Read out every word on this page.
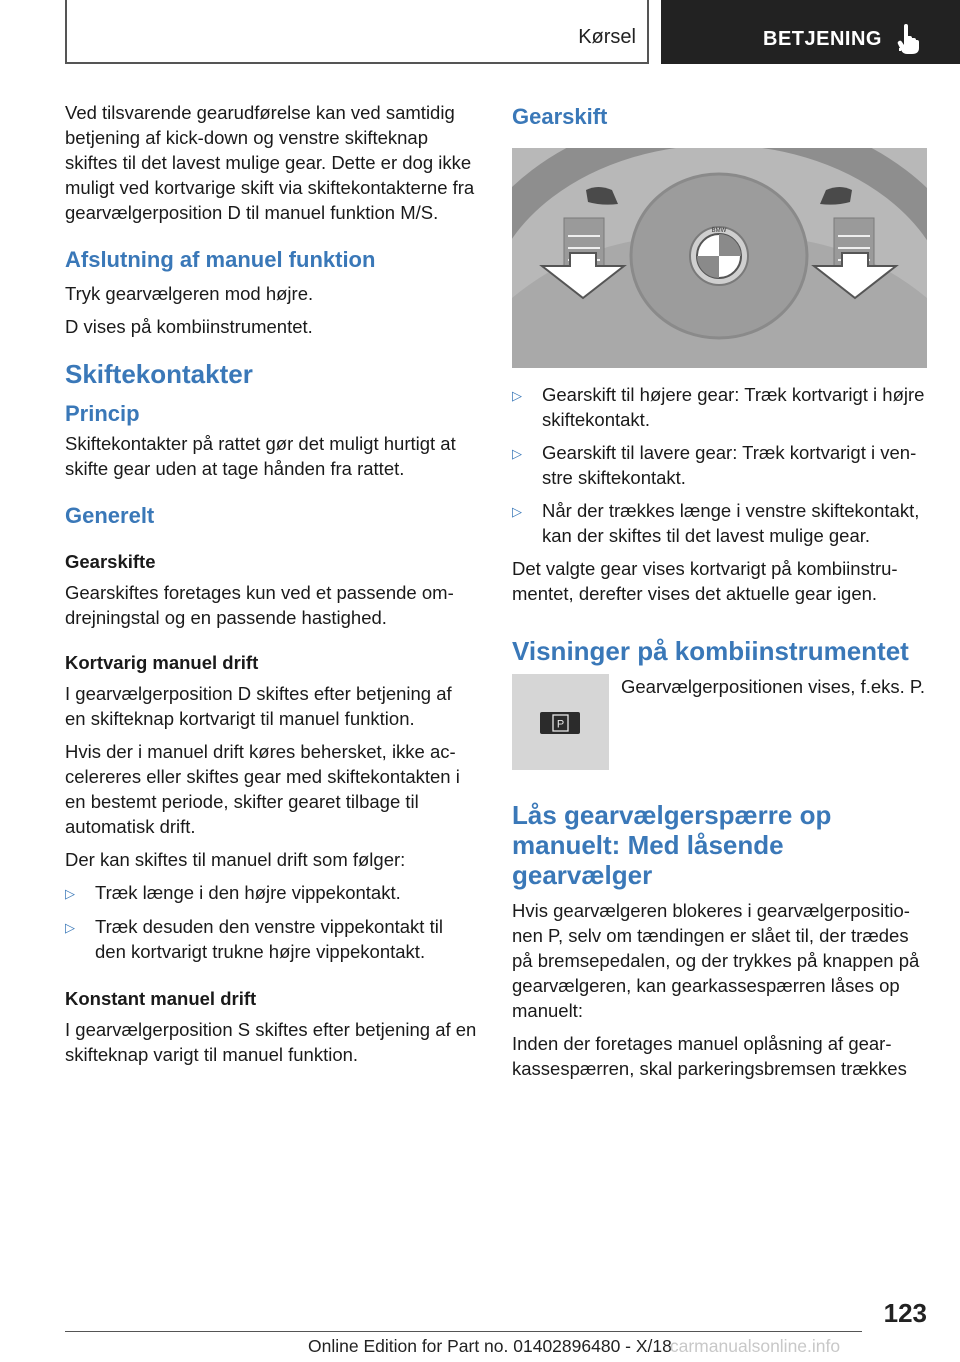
Kørsel	BETJENING

Ved tilsvarende gearudførelse kan ved samtidig betjening af kick-down og venstre skifteknap skiftes til det lavest mulige gear. Dette er dog ikke muligt ved kortvarige skift via skiftekontakterne fra gearvælgerposition D til manuel funktion M/S.

Afslutning af manuel funktion

Tryk gearvælgeren mod højre.

D vises på kombiinstrumentet.

Skiftekontakter
Princip

Skiftekontakter på rattet gør det muligt hurtigt at skifte gear uden at tage hånden fra rattet.

Generelt
Gearskifte

Gearskiftes foretages kun ved et passende omdrejningstal og en passende hastighed.

Kortvarig manuel drift

I gearvælgerposition D skiftes efter betjening af en skifteknap kortvarigt til manuel funktion.

Hvis der i manuel drift køres behersket, ikke accelereres eller skiftes gear med skiftekontakten i en bestemt periode, skifter gearet tilbage til automatisk drift.

Der kan skiftes til manuel drift som følger:

▷	Træk længe i den højre vippekontakt.
▷	Træk desuden den venstre vippekontakt til den kortvarigt trukne højre vippekontakt.
Konstant manuel drift

I gearvælgerposition S skiftes efter betjening af en skifteknap varigt til manuel funktion.

Gearskift
BMW
▷	Gearskift til højere gear: Træk kortvarigt i højre skiftekontakt.
▷	Gearskift til lavere gear: Træk kortvarigt i venstre skiftekontakt.
▷	Når der trækkes længe i venstre skiftekontakt, kan der skiftes til det lavest mulige gear.

Det valgte gear vises kortvarigt på kombiinstrumentet, derefter vises det aktuelle gear igen.

Visninger på kombiinstrumentet
P
Gearvælgerpositionen vises, f.eks. P.
Lås gearvælgerspærre op manuelt: Med låsende gearvælger

Hvis gearvælgeren blokeres i gearvælgerpositionen P, selv om tændingen er slået til, der trædes på bremsepedalen, og der trykkes på knappen på gearvælgeren, kan gearkassespærren låses op manuelt:

Inden der foretages manuel oplåsning af gearkassespærren, skal parkeringsbremsen trækkes

123
Online Edition for Part no. 01402896480 - X/18carmanualsonline.info
